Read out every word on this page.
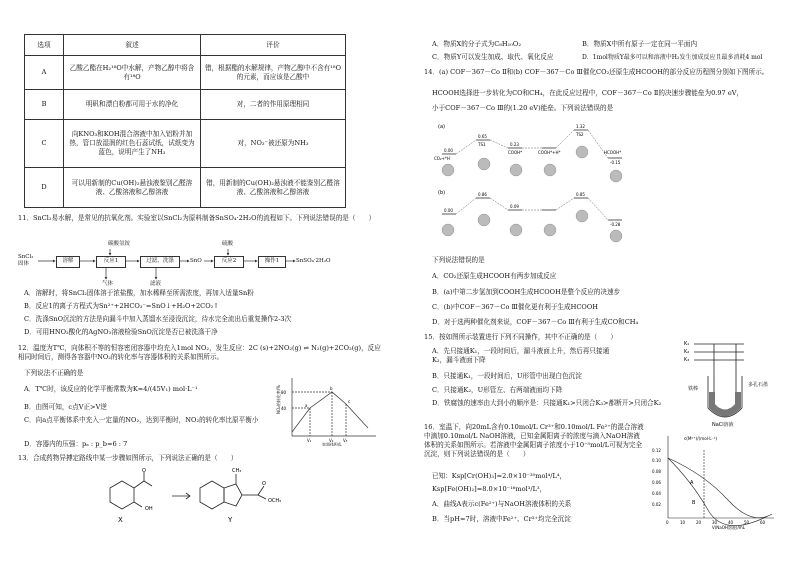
选项	叙述	评价
A	乙酸乙酯在H₂¹⁸O中水解，产物乙醇中将含有¹⁸O	错，根据酯的水解规律，产物乙醇中不含有¹⁸O的元素，而应该是乙酸中
B	明矾和漂白粉都可用于水的净化	对，二者的作用原理相同
C	向KNO₃和KOH混合溶液中加入铝粉并加热，管口放湿润的红色石蕊试纸，试纸变为蓝色，说明产生了NH₃	对，NO₃⁻被还原为NH₃
D	可以用新制的Cu(OH)₂悬浊液鉴别乙醛溶液、乙酸溶液和乙醇溶液	错，用新制的Cu(OH)₂悬浊液不能鉴别乙醛溶液、乙酸溶液和乙醇溶液
11．SnCl₂易水解，是常见的抗氧化剂。实验室以SnCl₂为原料制备SnSO₄·2H₂O的流程如下。下列说法错误的是（　　）
SnCl₂固体	溶解	反应1	过滤、洗涤	SnO	反应2	操作1	SnSO₄·2H₂O
碳酸氢铵	硫酸
气体	滤液
A．溶解时，将SnCl₂固体溶于浓盐酸，加水稀释至所需浓度，再加入适量Sn粉
B．反应1的离子方程式为Sn²⁺+2HCO₃⁻=SnO↓+H₂O+2CO₂↑
C．洗涤SnO沉淀的方法是向漏斗中加入蒸馏水至浸没沉淀，待水完全流出后重复操作2-3次
D．可用HNO₃酸化的AgNO₃溶液检验SnO沉淀是否已被洗涤干净
12．温度为T℃，向体积不等的恒容密闭容器中均充入1mol NO₂，发生反应：2C (s)+2NO₂(g) ⇌ N₂(g)+2CO₂(g)，反应相同时间后，测得各容器中NO₂的转化率与容器体积的关系如图所示。
下列说法不正确的是
A．T℃时，该反应的化学平衡常数为K=4/(45V₁) mol·L⁻¹
B．由图可知，c点V正>V逆
C．向a点平衡体系中充入一定量的NO₂，达到平衡时，NO₂的转化率比原平衡小
D．容器内的压强：pₐ : p_b=6 : 7
NO₂的转化率/% 80
40
V₁	V₂ V₃
容器体积/L
a
b
c
13．合成药物异搏定路线中某一步骤如图所示，下列说法正确的是（　　）
OH
O	CH₃
OCH₃
O
X	Y
A．物质X的分子式为C₈H₁₀O₂	B．物质X中所有原子一定在同一平面内
C．物质Y可以发生加成、取代、氧化反应	D．1mol物质Y最多可以和溶液中H₂发生加成反应且最多消耗4 mol
14．(a) COF－367－Co Ⅱ和(b) COF－367－Co Ⅲ催化CO₂还原生成HCOOH的部分反应历程图分别如下图所示。
HCOOH选择进一步转化为CO和CH₄，在此反应过程中，COF－367－Co Ⅱ的决速步骤能垒为0.97 eV，
小于COF－367－Co Ⅲ的(1.20 eV)能垒。下列说法错误的是
(a)
0.00
0.65
0.23
1.32
-0.15
CO₂+*H
TS1
COOH*	COOH*+H*
TS2
HCOOH*
(b)
0.00
0.86
0.09
0.85
-0.28
下列说法错误的是
A．CO₂还原生成HCOOH有两步加成反应
B．(a)中第二步氢加到COOH生成HCOOH是整个反应的决速步
C．(b)中COF－367－Co Ⅲ催化更有利于生成HCOOH
D．对于选两种催化剂来说，COF－367－Co Ⅲ有利于生成CO和CH₄
15．按如图所示装置进行下列不同操作，其中不正确的是（　　）
A．先只接通K₁，一段时间后，漏斗液面上升，然后再只接通K₂，漏斗液面下降
B．只接通K₁，一段时间后，U形管中出现白色沉淀
C．只接通K₂，U形管左、右两端液面均下降
D．铁腐蚀的速率由大到小的顺序是：只接通K₁>只闭合K₃>都断开>只闭合K₂
K₁
K₂
K₃
铁棒
多孔石墨
NaCl溶液
16．室温下，向20mL含有0.10mol/L Cr³⁺和0.10mol/L Fe²⁺的混合溶液中滴加0.10mol/L NaOH溶液，已知金属阳离子的浓度与滴入NaOH溶液体积的关系如图所示。若溶液中金属阳离子浓度小于10⁻⁵mol/L可视为完全沉淀，则下列说法错误的是（　　）
已知：Ksp[Cr(OH)₃]=2.0×10⁻³⁰mol⁴/L⁴，
Ksp[Fe(OH)₂]=8.0×10⁻¹⁶mol³/L³，
A．曲线A表示c(Fe²⁺)与NaOH溶液体积的关系
B．当pH=7时，溶液中Fe²⁺、Cr³⁺均完全沉淀
c(M²⁺)/(mol·L⁻¹)
0.12
0.10
0.08
0.06
0.04
0.02
0	10	20	30	40	50	60
V(NaOH溶液)/mL
A
B
